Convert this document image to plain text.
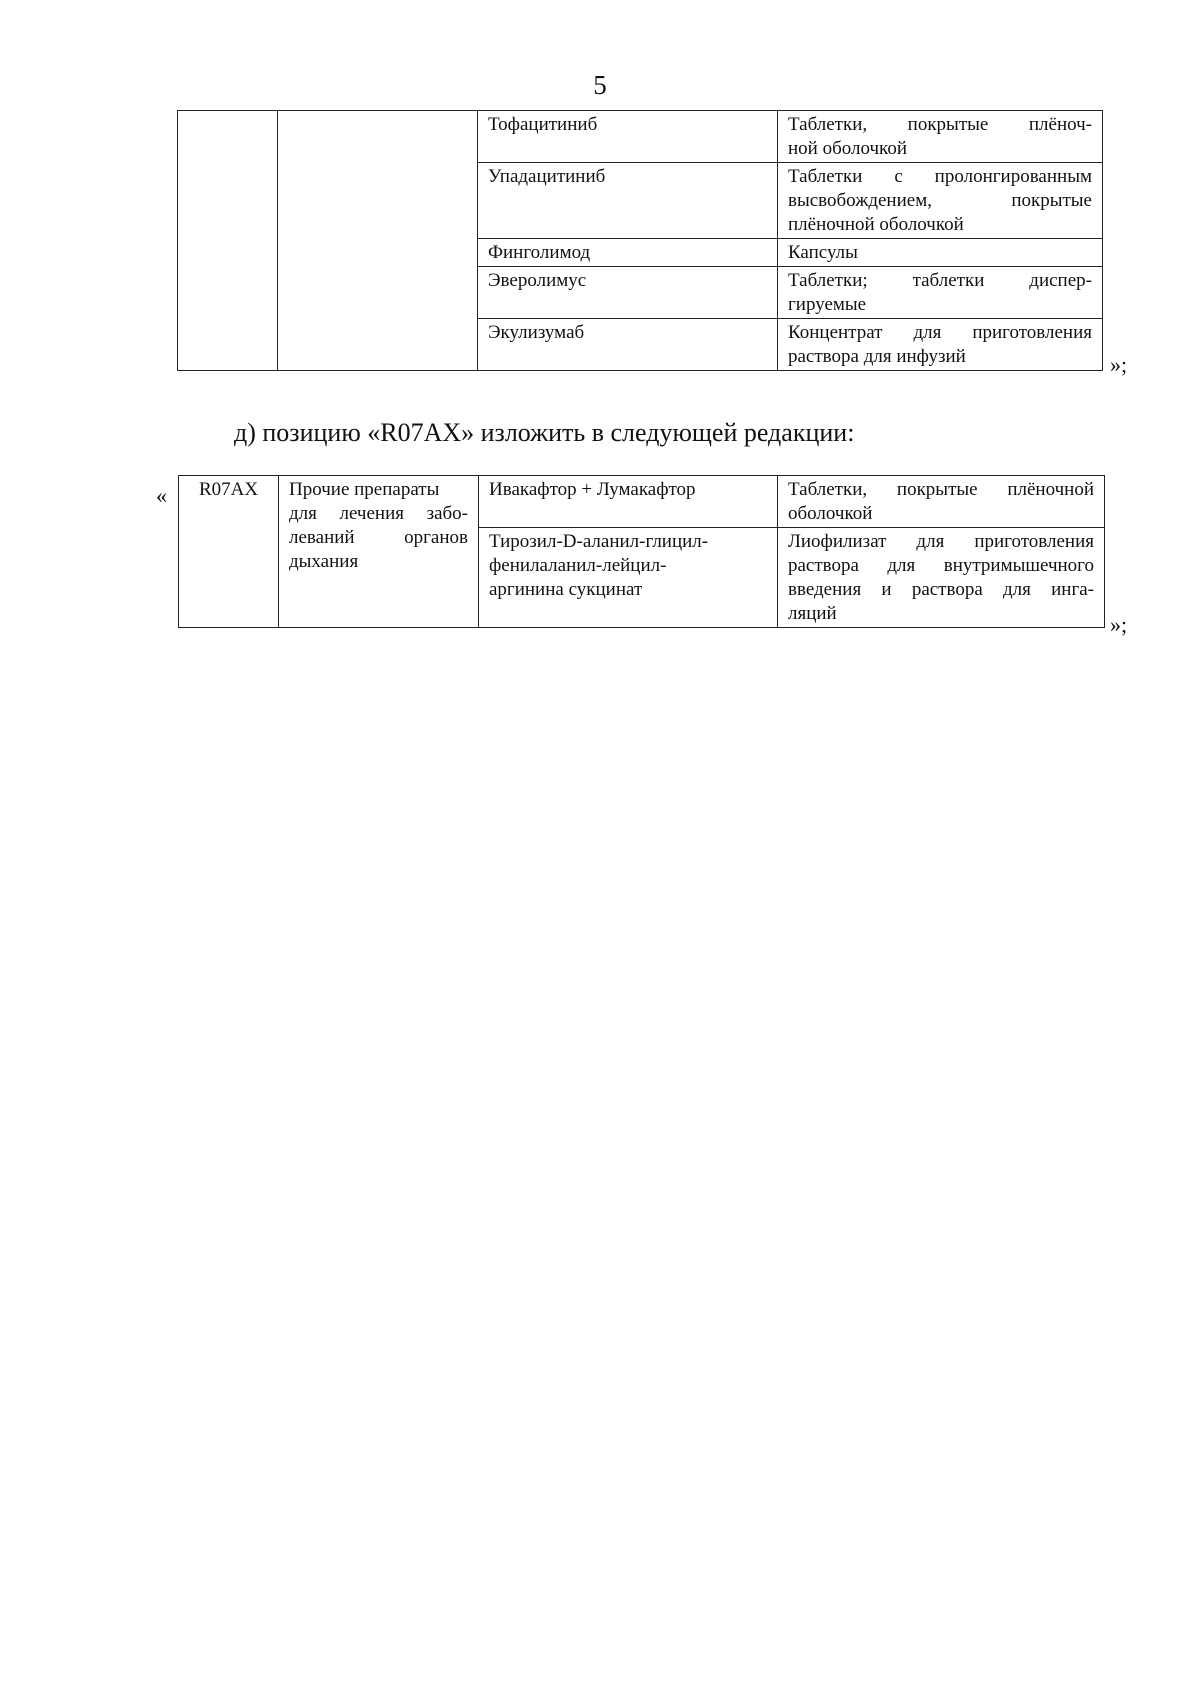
5
		Тофацитиниб	Таблетки, покрытые плёноч-
ной оболочкой

		Упадацитиниб	Таблетки с пролонгированным
высвобождением, покрытые
плёночной оболочкой

		Финголимод	Капсулы

		Эверолимус	Таблетки; таблетки диспер-
гируемые

		Экулизумаб	Концентрат для приготовления
раствора для инфузий	»;
д) позицию «R07AX» изложить в следующей редакции:
« R07AX	Прочие препараты
для лечения забо-
леваний органов
дыхания	Ивакафтор + Лумакафтор	Таблетки, покрытые плёночной
оболочкой

		Тирозил-D-аланил-глицил-
фенилаланил-лейцил-
аргинина сукцинат	Лиофилизат для приготовления
раствора для внутримышечного
введения и раствора для инга-
ляций	»;
